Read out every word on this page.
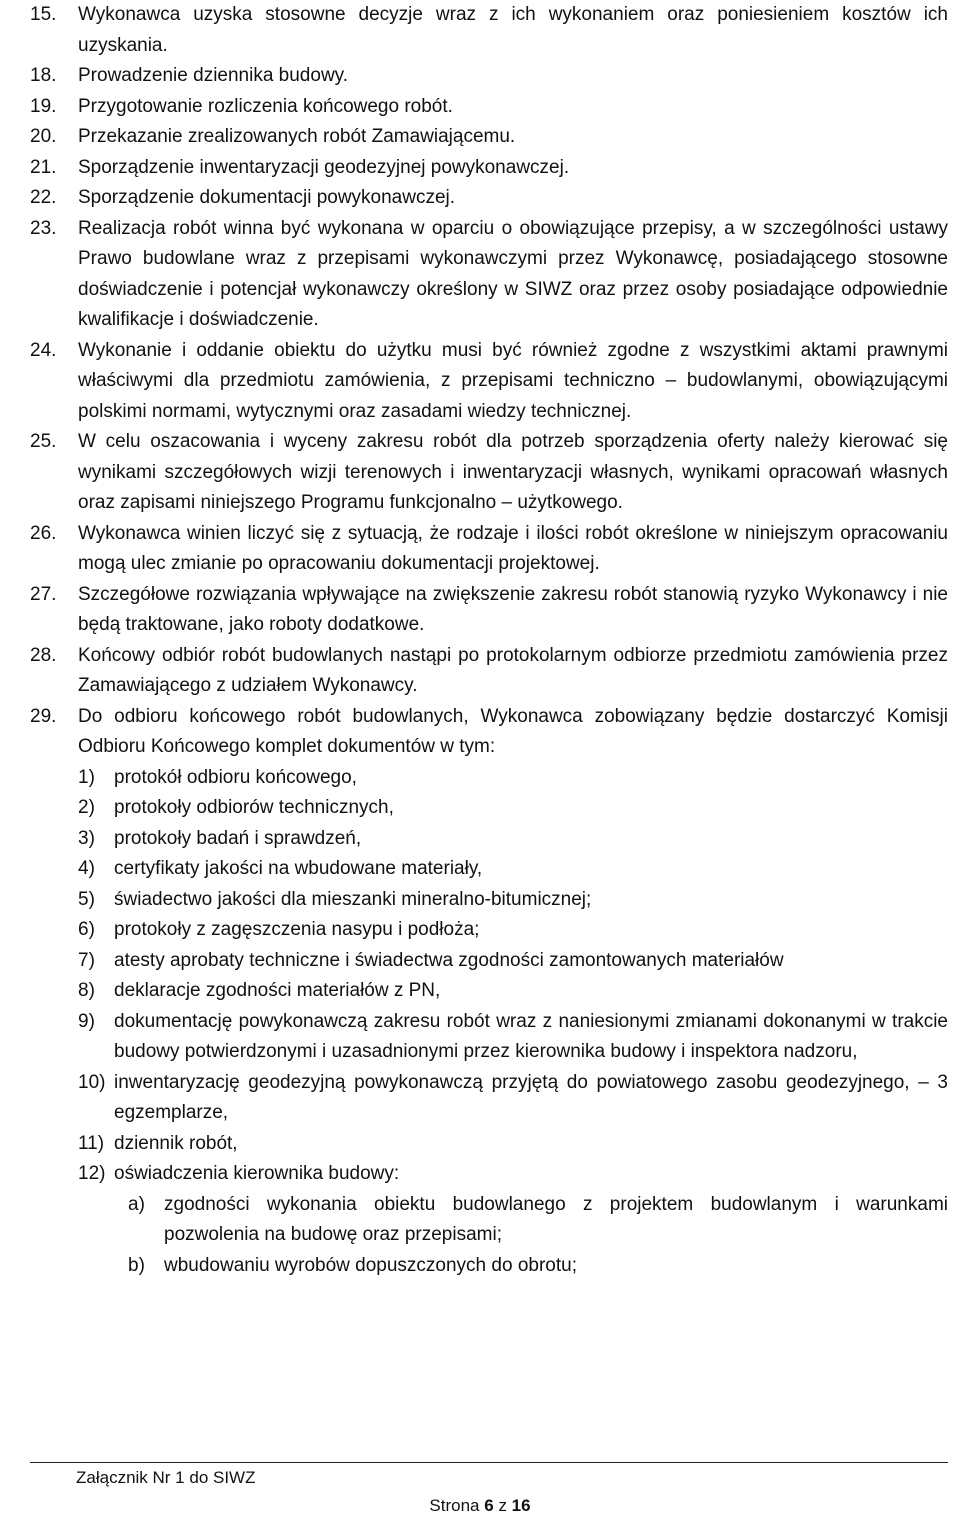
15.	Wykonawca uzyska stosowne decyzje wraz z ich wykonaniem oraz poniesieniem kosztów ich uzyskania.
18.	Prowadzenie dziennika budowy.
19.	Przygotowanie rozliczenia końcowego robót.
20.	Przekazanie zrealizowanych robót Zamawiającemu.
21.	Sporządzenie inwentaryzacji geodezyjnej powykonawczej.
22.	Sporządzenie dokumentacji powykonawczej.
23.	Realizacja robót winna być wykonana w oparciu o obowiązujące przepisy, a w szczególności ustawy Prawo budowlane wraz z przepisami wykonawczymi przez Wykonawcę, posiadającego stosowne doświadczenie i potencjał wykonawczy określony w SIWZ oraz przez osoby posiadające odpowiednie kwalifikacje i doświadczenie.
24.	Wykonanie i oddanie obiektu do użytku musi być również zgodne z wszystkimi aktami prawnymi właściwymi dla przedmiotu zamówienia, z przepisami techniczno – budowlanymi, obowiązującymi polskimi normami, wytycznymi oraz zasadami wiedzy technicznej.
25.	W celu oszacowania i wyceny zakresu robót dla potrzeb sporządzenia oferty należy kierować się wynikami szczegółowych wizji terenowych i inwentaryzacji własnych, wynikami opracowań własnych oraz zapisami niniejszego Programu funkcjonalno – użytkowego.
26.	Wykonawca winien liczyć się z sytuacją, że rodzaje i ilości robót określone w niniejszym opracowaniu mogą ulec zmianie po opracowaniu dokumentacji projektowej.
27.	Szczegółowe rozwiązania wpływające na zwiększenie zakresu robót stanowią ryzyko Wykonawcy i nie będą traktowane, jako roboty dodatkowe.
28.	Końcowy odbiór robót budowlanych nastąpi po protokolarnym odbiorze przedmiotu zamówienia przez Zamawiającego z udziałem Wykonawcy.
29.	Do odbioru końcowego robót budowlanych, Wykonawca zobowiązany będzie dostarczyć Komisji Odbioru Końcowego komplet dokumentów w tym:
1)	protokół odbioru końcowego,
2)	protokoły odbiorów technicznych,
3)	protokoły badań i sprawdzeń,
4)	certyfikaty jakości na wbudowane materiały,
5)	świadectwo jakości dla mieszanki mineralno-bitumicznej;
6)	protokoły z zagęszczenia nasypu i podłoża;
7)	atesty aprobaty techniczne i świadectwa zgodności zamontowanych materiałów
8)	deklaracje zgodności materiałów z PN,
9)	dokumentację powykonawczą zakresu robót wraz z naniesionymi zmianami dokonanymi w trakcie budowy potwierdzonymi i uzasadnionymi przez kierownika budowy i inspektora nadzoru,
10) inwentaryzację geodezyjną powykonawczą przyjętą do powiatowego zasobu geodezyjnego, – 3 egzemplarze,
11) dziennik robót,
12) oświadczenia kierownika budowy:
a)	zgodności wykonania obiektu budowlanego z projektem budowlanym i warunkami pozwolenia na budowę oraz przepisami;
b)	wbudowaniu wyrobów dopuszczonych do obrotu;
Załącznik Nr 1 do SIWZ
Strona 6 z 16
